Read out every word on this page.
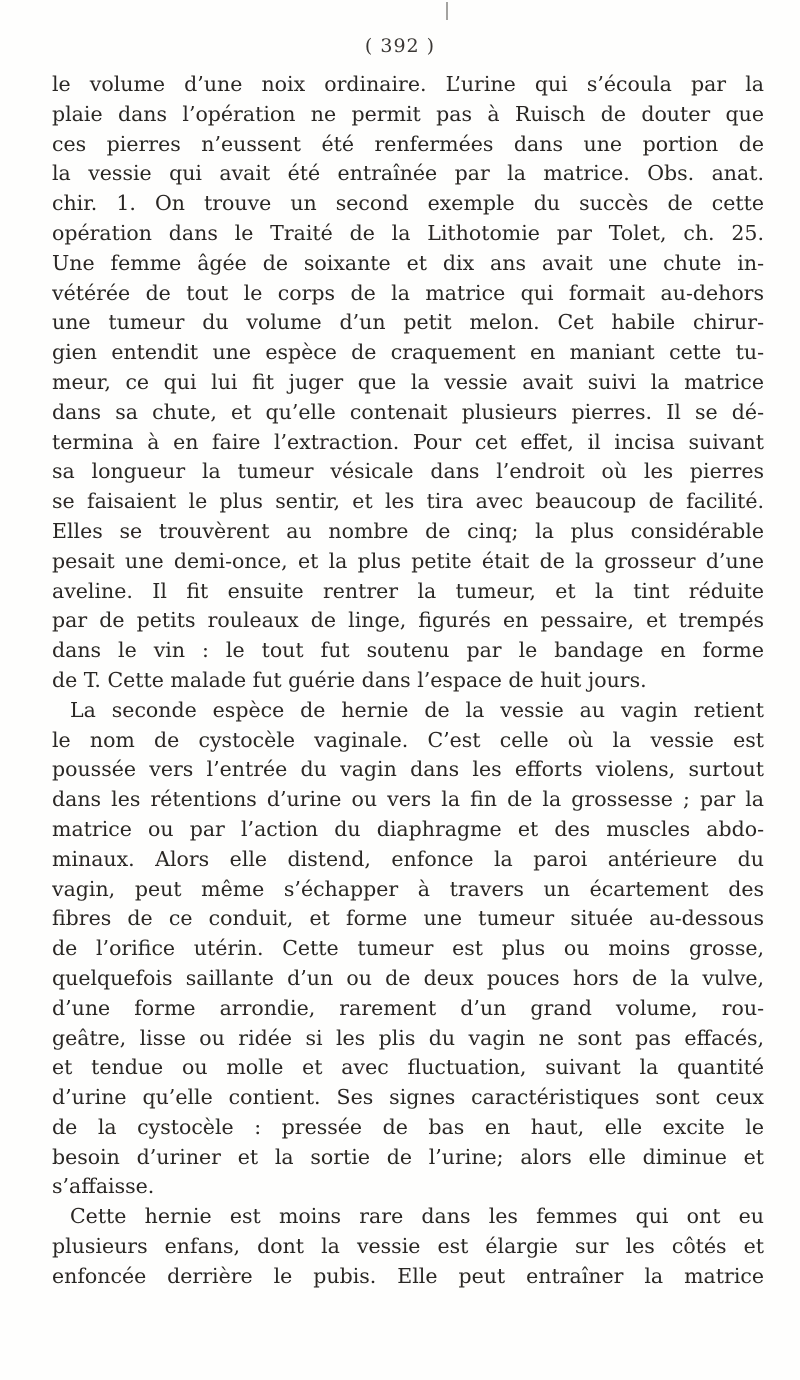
( 392 )
le volume d’une noix ordinaire. L’urine qui s’écoula par la
plaie dans l’opération ne permit pas à Ruisch de douter que
ces pierres n’eussent été renfermées dans une portion de
la vessie qui avait été entraînée par la matrice. Obs. anat.
chir. 1. On trouve un second exemple du succès de cette
opération dans le Traité de la Lithotomie par Tolet, ch. 25.
Une femme âgée de soixante et dix ans avait une chute in-
vétérée de tout le corps de la matrice qui formait au-dehors
une tumeur du volume d’un petit melon. Cet habile chirur-
gien entendit une espèce de craquement en maniant cette tu-
meur, ce qui lui fit juger que la vessie avait suivi la matrice
dans sa chute, et qu’elle contenait plusieurs pierres. Il se dé-
termina à en faire l’extraction. Pour cet effet, il incisa suivant
sa longueur la tumeur vésicale dans l’endroit où les pierres
se faisaient le plus sentir, et les tira avec beaucoup de facilité.
Elles se trouvèrent au nombre de cinq; la plus considérable
pesait une demi-once, et la plus petite était de la grosseur d’une
aveline. Il fit ensuite rentrer la tumeur, et la tint réduite
par de petits rouleaux de linge, figurés en pessaire, et trempés
dans le vin : le tout fut soutenu par le bandage en forme
de T. Cette malade fut guérie dans l’espace de huit jours.
La seconde espèce de hernie de la vessie au vagin retient
le nom de cystocèle vaginale. C’est celle où la vessie est
poussée vers l’entrée du vagin dans les efforts violens, surtout
dans les rétentions d’urine ou vers la fin de la grossesse ; par la
matrice ou par l’action du diaphragme et des muscles abdo-
minaux. Alors elle distend, enfonce la paroi antérieure du
vagin, peut même s’échapper à travers un écartement des
fibres de ce conduit, et forme une tumeur située au-dessous
de l’orifice utérin. Cette tumeur est plus ou moins grosse,
quelquefois saillante d’un ou de deux pouces hors de la vulve,
d’une forme arrondie, rarement d’un grand volume, rou-
geâtre, lisse ou ridée si les plis du vagin ne sont pas effacés,
et tendue ou molle et avec fluctuation, suivant la quantité
d’urine qu’elle contient. Ses signes caractéristiques sont ceux
de la cystocèle : pressée de bas en haut, elle excite le
besoin d’uriner et la sortie de l’urine; alors elle diminue et
s’affaisse.
Cette hernie est moins rare dans les femmes qui ont eu
plusieurs enfans, dont la vessie est élargie sur les côtés et
enfoncée derrière le pubis. Elle peut entraîner la matrice
